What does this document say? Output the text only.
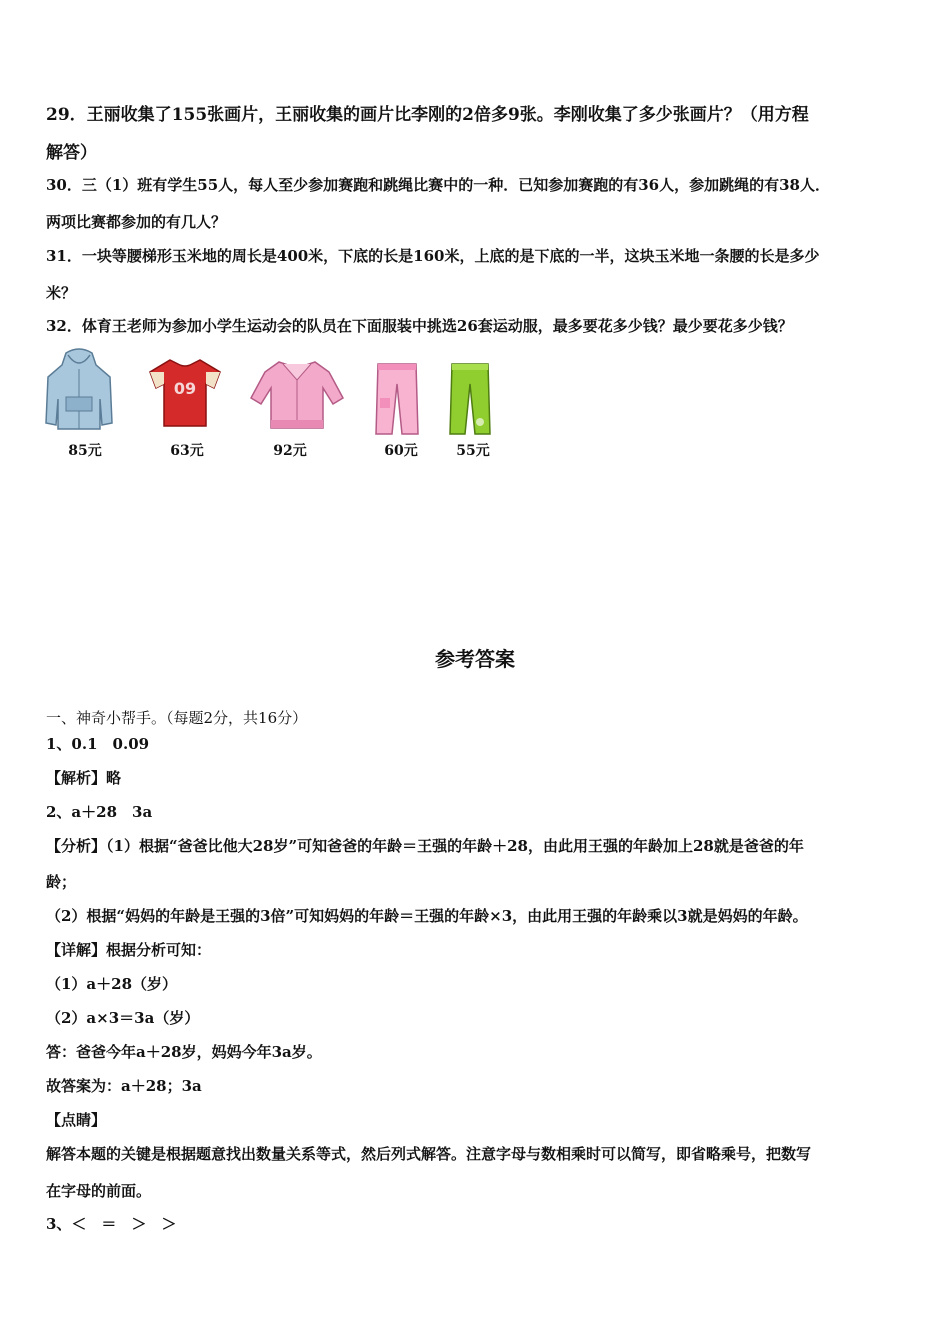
29．王丽收集了155张画片，王丽收集的画片比李刚的2倍多9张。李刚收集了多少张画片？（用方程
解答）
30．三（1）班有学生55人，每人至少参加赛跑和跳绳比赛中的一种．已知参加赛跑的有36人，参加跳绳的有38人．
两项比赛都参加的有几人？
31．一块等腰梯形玉米地的周长是400米，下底的长是160米，上底的是下底的一半，这块玉米地一条腰的长是多少
米？
32．体育王老师为参加小学生运动会的队员在下面服装中挑选26套运动服，最多要花多少钱？最少要花多少钱？
85元
09
63元	92元	60元	55元
参考答案
一、神奇小帮手。（每题2分，共16分）
1、0.1　0.09
【解析】略
2、a＋28　3a
【分析】（1）根据“爸爸比他大28岁”可知爸爸的年龄＝王强的年龄＋28，由此用王强的年龄加上28就是爸爸的年
龄；
（2）根据“妈妈的年龄是王强的3倍”可知妈妈的年龄＝王强的年龄×3，由此用王强的年龄乘以3就是妈妈的年龄。
【详解】根据分析可知：
（1）a＋28（岁）
（2）a×3＝3a（岁）
答：爸爸今年a＋28岁，妈妈今年3a岁。
故答案为：a＋28；3a
【点睛】
解答本题的关键是根据题意找出数量关系等式，然后列式解答。注意字母与数相乘时可以简写，即省略乘号，把数写
在字母的前面。
3、＜　＝　＞　＞
